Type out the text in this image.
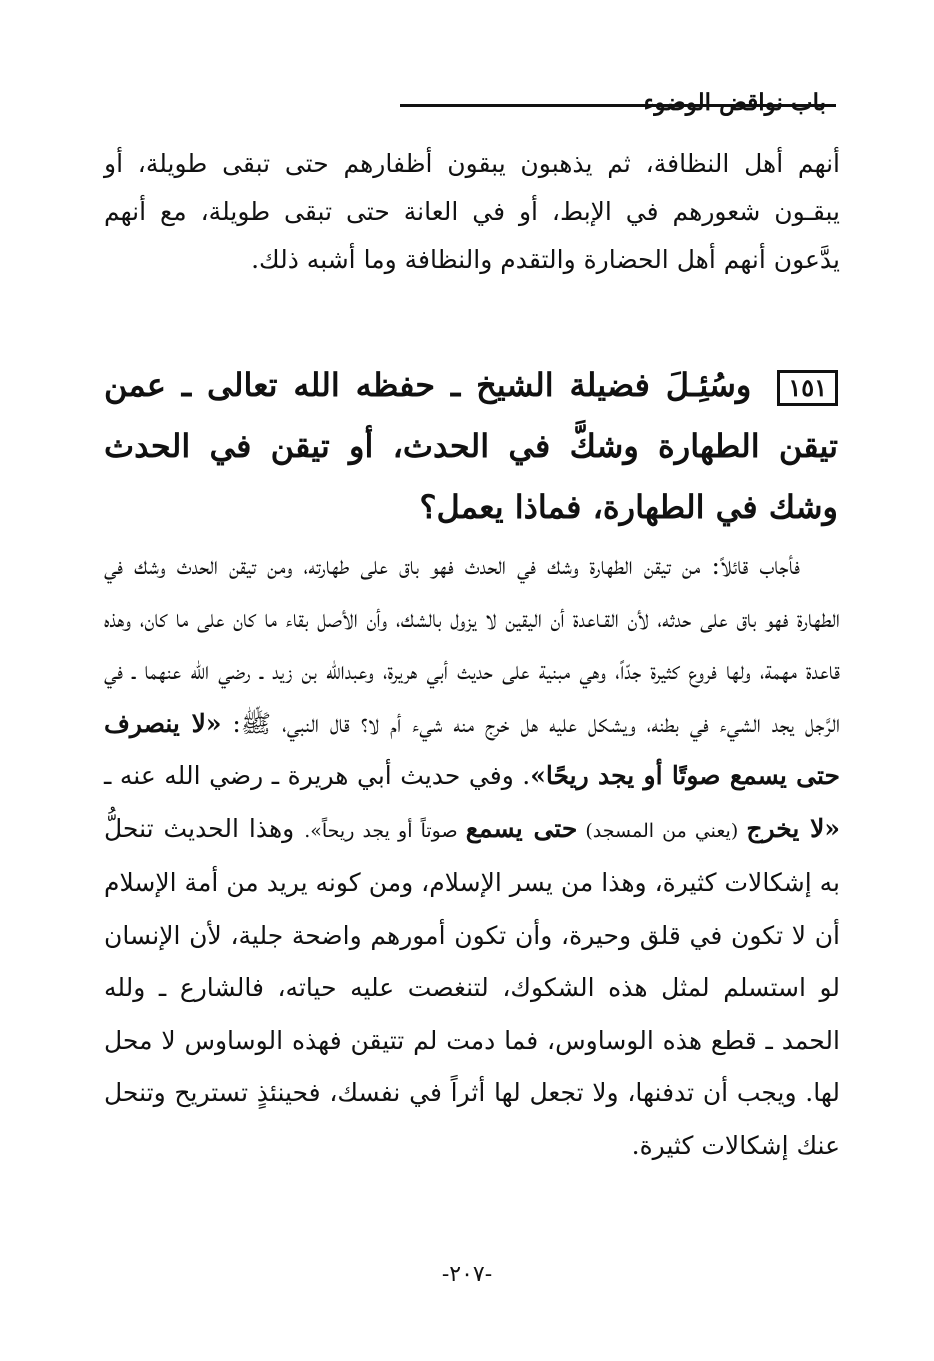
باب نواقض الوضوء

أنهم أهل النظافة، ثم يذهبون يبقون أظفارهم حتى تبقى طويلة، أو يبقـون شعورهم في الإبط، أو في العانة حتى تبقى طويلة، مع أنهم يدَّعون أنهم أهل الحضارة والتقدم والنظافة وما أشبه ذلك.

١٥١وسُئِـلَ فضيلة الشيخ ـ حفظه الله تعالى ـ عمن تيقن الطهارة وشكَّ في الحدث، أو تيقن في الحدث وشك في الطهارة، فماذا يعمل؟

فأجاب قائلاً: من تيقن الطهارة وشك في الحدث فهو باق على طهارته، ومن تيقن الحدث وشك في الطهارة فهو باق على حدثه، لأن القـاعدة أن اليقين لا يزول بالشك، وأن الأصل بقاء ما كان على ما كان، وهذه قاعدة مهمة، ولها فروع كثيرة جدّاً، وهي مبنية على حديث أبي هريرة، وعبدالله بن زيد ـ رضي الله عنهما ـ في الرَّجل يجد الشيء في بطنه، ويشكل عليه هل خرج منه شيء أم لا؟ قال النبي، ﷺ: «لا ينصرف حتى يسمع صوتًا أو يجد ريحًا». وفي حديث أبي هريرة ـ رضي الله عنه ـ «لا يخرج (يعني من المسجد) حتى يسمع صوتاً أو يجد ريحاً». وهذا الحديث تنحلُّ به إشكالات كثيرة، وهذا من يسر الإسلام، ومن كونه يريد من أمة الإسلام أن لا تكون في قلق وحيرة، وأن تكون أمورهم واضحة جلية، لأن الإنسان لو استسلم لمثل هذه الشكوك، لتنغصت عليه حياته، فالشارع ـ ولله الحمد ـ قطع هذه الوساوس، فما دمت لم تتيقن فهذه الوساوس لا محل لها. ويجب أن تدفنها، ولا تجعل لها أثراً في نفسك، فحينئذٍ تستريح وتنحل عنك إشكالات كثيرة.

-٢٠٧-
